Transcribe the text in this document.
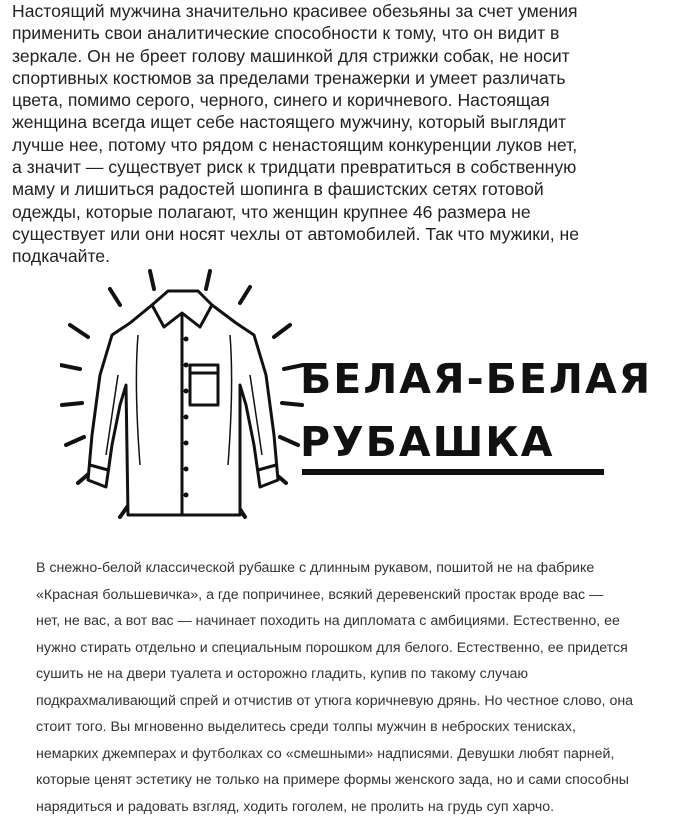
Настоящий мужчина значительно красивее обезьяны за счет умения
применить свои аналитические способности к тому, что он видит в
зеркале. Он не бреет голову машинкой для стрижки собак, не носит
спортивных костюмов за пределами тренажерки и умеет различать
цвета, помимо серого, черного, синего и коричневого. Настоящая
женщина всегда ищет себе настоящего мужчину, который выглядит
лучше нее, потому что рядом с ненастоящим конкуренции луков нет,
а значит — существует риск к тридцати превратиться в собственную
маму и лишиться радостей шопинга в фашистских сетях готовой
одежды, которые полагают, что женщин крупнее 46 размера не
существует или они носят чехлы от автомобилей. Так что мужики, не
подкачайте.
БЕЛАЯ-БЕЛАЯ
РУБАШКА
В снежно-белой классической рубашке с длинным рукавом, пошитой не на фабрике
«Красная большевичка», а где попричинее, всякий деревенский простак вроде вас —
нет, не вас, а вот вас — начинает походить на дипломата с амбициями. Естественно, ее
нужно стирать отдельно и специальным порошком для белого. Естественно, ее придется
сушить не на двери туалета и осторожно гладить, купив по такому случаю
подкрахмаливающий спрей и отчистив от утюга коричневую дрянь. Но честное слово, она
стоит того. Вы мгновенно выделитесь среди толпы мужчин в неброских тенисках,
немарких джемперах и футболках со «смешными» надписями. Девушки любят парней,
которые ценят эстетику не только на примере формы женского зада, но и сами способны
нарядиться и радовать взгляд, ходить гоголем, не пролить на грудь суп харчо.
